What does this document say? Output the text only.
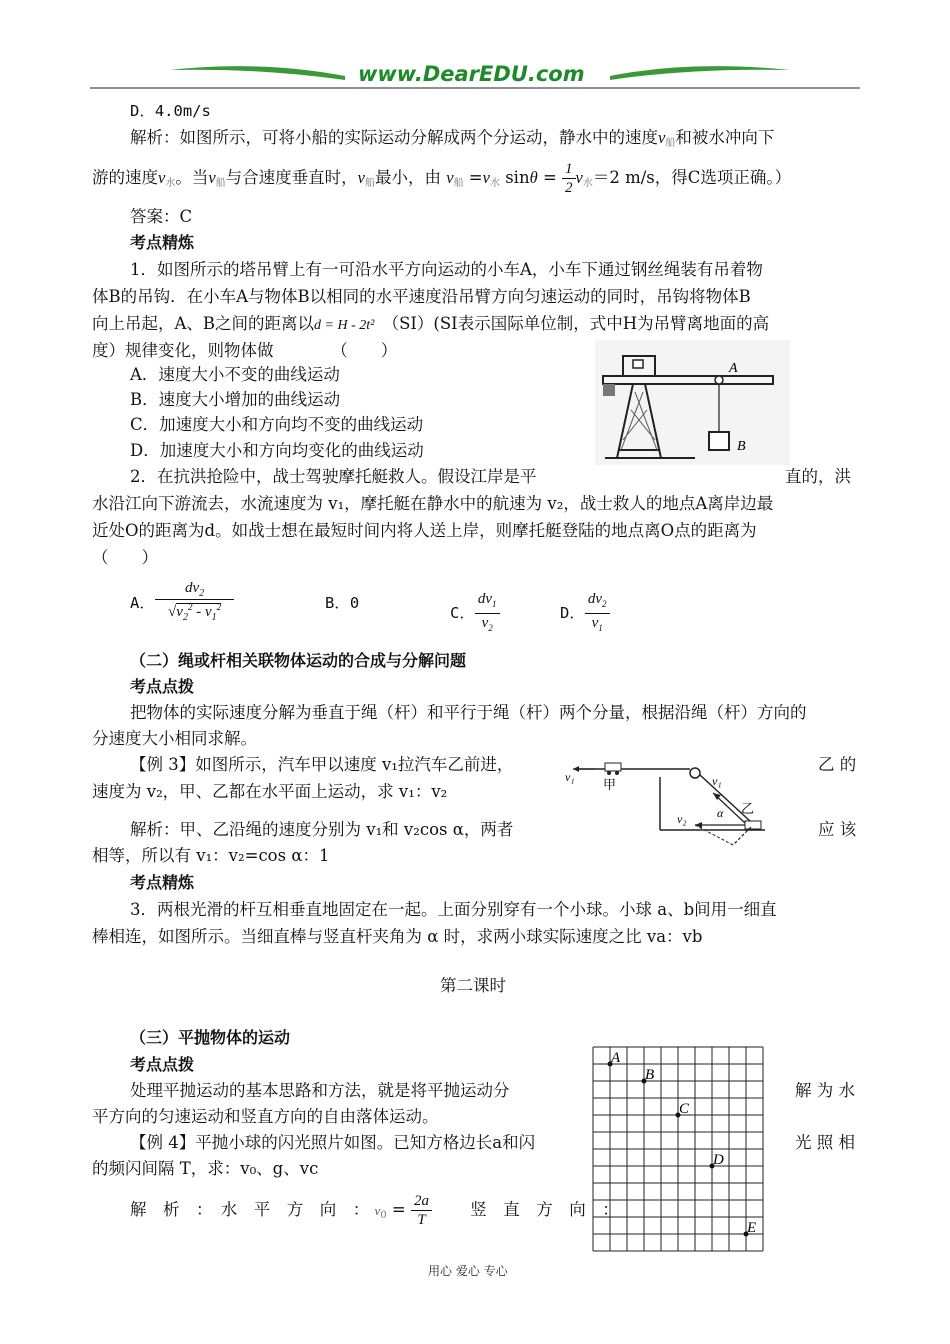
www.DearEDU.com
D．4.0m/s
解析：如图所示，可将小船的实际运动分解成两个分运动，静水中的速度$v_船$和被水冲向下
游的速度$v_水$。当$v_船$与合速度垂直时，$v_船$最小，由 $v_船 =v_水$ $\sin\theta = \frac{1}{2} v_水=2$ m/s，得C选项正确。）
答案：C
考点精炼
1．如图所示的塔吊臂上有一可沿水平方向运动的小车A，小车下通过钢丝绳装有吊着物
体B的吊钩．在小车A与物体B以相同的水平速度沿吊臂方向匀速运动的同时，吊钩将物体B
向上吊起，A、B之间的距离以d = H - 2t²　 （SI）(SI表示国际单位制，式中H为吊臂离地面的高
度）规律变化，则物体做　　　　（　　）
A．速度大小不变的曲线运动
B．速度大小增加的曲线运动
C．加速度大小和方向均不变的曲线运动
D．加速度大小和方向均变化的曲线运动
A
B
2．在抗洪抢险中，战士驾驶摩托艇救人。假设江岸是平	直的，洪
水沿江向下游流去，水流速度为 v₁，摩托艇在静水中的航速为 v₂，战士救人的地点A离岸边最
近处O的距离为d。如战士想在最短时间内将人送上岸，则摩托艇登陆的地点离O点的距离为
（　　）
A．
$dv_2$
$√v_2^2 - v_1^2$	B．0
C． $\frac{dv_1}{v_2}$	D． $\frac{dv_2}{v_1}$
（二）绳或杆相关联物体运动的合成与分解问题
考点点拨
把物体的实际速度分解为垂直于绳（杆）和平行于绳（杆）两个分量，根据沿绳（杆）方向的
分速度大小相同求解。
【例 3】如图所示，汽车甲以速度 v₁拉汽车乙前进，	乙 的
速度为 v₂，甲、乙都在水平面上运动，求 v₁：v₂
解析：甲、乙沿绳的速度分别为 v₁和 v₂cos α，两者	应 该
相等，所以有 v₁：v₂=cos α：1
v₁
甲	v₁
v₂	α 乙
考点精炼
3．两根光滑的杆互相垂直地固定在一起。上面分别穿有一个小球。小球 a、b间用一细直
棒相连，如图所示。当细直棒与竖直杆夹角为 α 时，求两小球实际速度之比 va：vb
第二课时
（三）平抛物体的运动
考点点拨
处理平抛运动的基本思路和方法，就是将平抛运动分	解 为 水
平方向的匀速运动和竖直方向的自由落体运动。
【例 4】平抛小球的闪光照片如图。已知方格边长a和闪	光 照 相
的频闪间隔 T，求：v₀、g、vc
解　析　：　水　平　方　向　： $v_0 = \frac{2a}{T}$
　　 竖　直　方　向　：
A
B
C
D
E
用心 爱心 专心
